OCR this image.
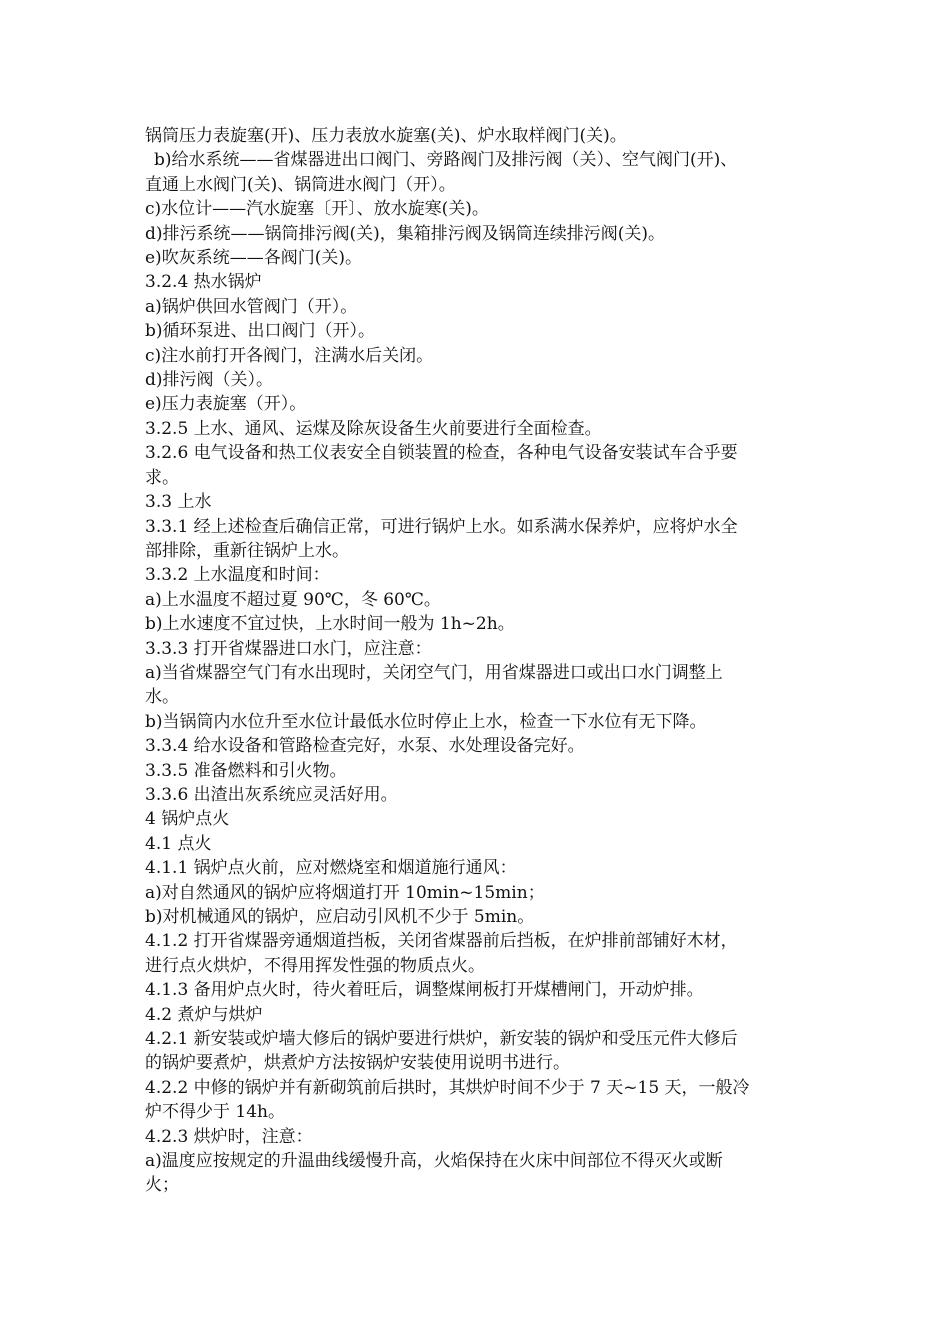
锅筒压力表旋塞(开)、压力表放水旋塞(关)、炉水取样阀门(关)。
b)给水系统——省煤器进出口阀门、旁路阀门及排污阀（关）、空气阀门(开)、
直通上水阀门(关)、锅筒进水阀门（开）。
c)水位计——汽水旋塞〔开〕、放水旋寒(关)。
d)排污系统——锅筒排污阀(关)，集箱排污阀及锅筒连续排污阀(关)。
e)吹灰系统——各阀门(关)。
3.2.4 热水锅炉
a)锅炉供回水管阀门（开）。
b)循环泵进、出口阀门（开）。
c)注水前打开各阀门，注满水后关闭。
d)排污阀（关）。
e)压力表旋塞（开）。
3.2.5 上水、通风、运煤及除灰设备生火前要进行全面检查。
3.2.6 电气设备和热工仪表安全自锁装置的检查，各种电气设备安装试车合乎要
求。
3.3 上水
3.3.1 经上述检查后确信正常，可进行锅炉上水。如系满水保养炉，应将炉水全
部排除，重新往锅炉上水。
3.3.2 上水温度和时间：
a)上水温度不超过夏 90℃，冬 60℃。
b)上水速度不宜过快，上水时间一般为 1h~2h。
3.3.3 打开省煤器进口水门，应注意：
a)当省煤器空气门有水出现时，关闭空气门，用省煤器进口或出口水门调整上
水。
b)当锅筒内水位升至水位计最低水位时停止上水，检查一下水位有无下降。
3.3.4 给水设备和管路检查完好，水泵、水处理设备完好。
3.3.5 准备燃料和引火物。
3.3.6 出渣出灰系统应灵活好用。
4 锅炉点火
4.1 点火
4.1.1 锅炉点火前，应对燃烧室和烟道施行通风：
a)对自然通风的锅炉应将烟道打开 10min~15min；
b)对机械通风的锅炉，应启动引风机不少于 5min。
4.1.2 打开省煤器旁通烟道挡板，关闭省煤器前后挡板，在炉排前部铺好木材，
进行点火烘炉，不得用挥发性强的物质点火。
4.1.3 备用炉点火时，待火着旺后，调整煤闸板打开煤槽闸门，开动炉排。
4.2 煮炉与烘炉
4.2.1 新安装或炉墙大修后的锅炉要进行烘炉，新安装的锅炉和受压元件大修后
的锅炉要煮炉，烘煮炉方法按锅炉安装使用说明书进行。
4.2.2 中修的锅炉并有新砌筑前后拱时，其烘炉时间不少于 7 天~15 天，一般冷
炉不得少于 14h。
4.2.3 烘炉时，注意：
a)温度应按规定的升温曲线缓慢升高，火焰保持在火床中间部位不得灭火或断
火；
